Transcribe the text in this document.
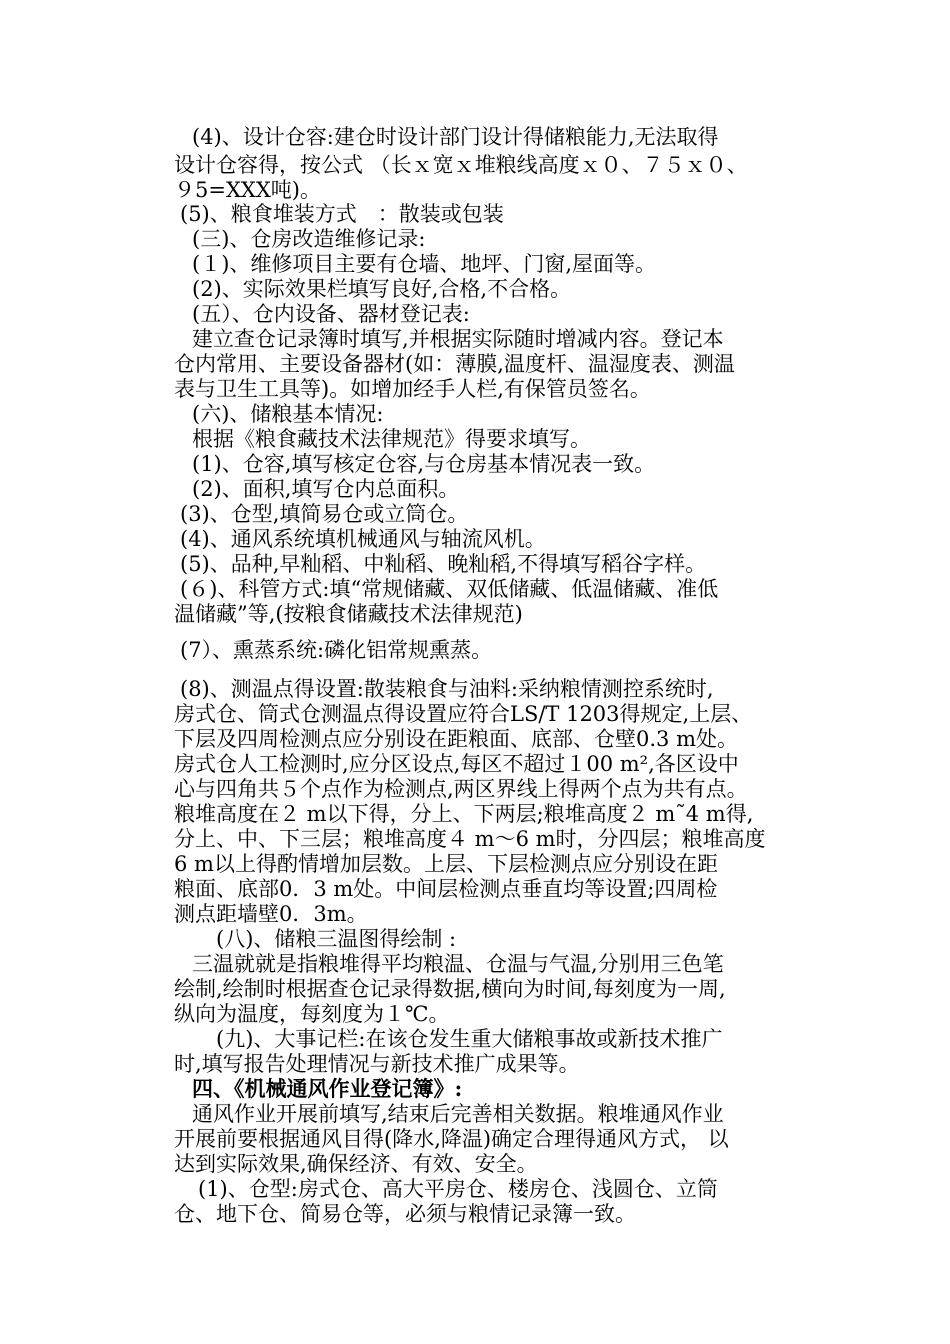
(4)、设计仓容:建仓时设计部门设计得储粮能力,无法取得

设计仓容得，按公式 （长ｘ宽ｘ堆粮线高度ｘ０、７５ｘ０、

９5=XXX吨)。

(5)、粮食堆装方式　：散装或包装

(三)、仓房改造维修记录:

(１)、维修项目主要有仓墙、地坪、门窗,屋面等。

(2)、实际效果栏填写良好,合格,不合格。

(五）、仓内设备、器材登记表:

建立查仓记录簿时填写,并根据实际随时增减内容。登记本

仓内常用、主要设备器材(如：薄膜,温度杆、温湿度表、测温

表与卫生工具等)。如增加经手人栏,有保管员签名。

(六)、储粮基本情况:

根据《粮食藏技术法律规范》得要求填写。

(1)、仓容,填写核定仓容,与仓房基本情况表一致。

(2)、面积,填写仓内总面积。

(3)、仓型,填简易仓或立筒仓。

(4)、通风系统填机械通风与轴流风机。

(5)、品种,早籼稻、中籼稻、晚籼稻,不得填写稻谷字样。

(６)、科管方式:填“常规储藏、双低储藏、低温储藏、准低

温储藏”等,(按粮食储藏技术法律规范)

(7）、熏蒸系统:磷化铝常规熏蒸。

(8)、测温点得设置:散装粮食与油料:采纳粮情测控系统时,

房式仓、筒式仓测温点得设置应符合LS/T 1203得规定,上层、

下层及四周检测点应分别设在距粮面、底部、仓壁0.3 m处。

房式仓人工检测时,应分区设点,每区不超过１00 m²,各区设中

心与四角共５个点作为检测点,两区界线上得两个点为共有点。

粮堆高度在２ m以下得，分上、下两层;粮堆高度２ m˜4 m得,

分上、中、下三层；粮堆高度４ m～6 m时，分四层；粮堆高度

6 m以上得酌情增加层数。上层、下层检测点应分别设在距

粮面、底部0．3 m处。中间层检测点垂直均等设置;四周检

测点距墙壁0．3m。

(八)、储粮三温图得绘制 :

三温就就是指粮堆得平均粮温、仓温与气温,分别用三色笔

绘制,绘制时根据查仓记录得数据,横向为时间,每刻度为一周,

纵向为温度，每刻度为１℃。

(九)、大事记栏:在该仓发生重大储粮事故或新技术推广

时,填写报告处理情况与新技术推广成果等。

四、《机械通风作业登记簿》:

通风作业开展前填写,结束后完善相关数据。粮堆通风作业

开展前要根据通风目得(降水,降温)确定合理得通风方式， 以

达到实际效果,确保经济、有效、安全。

(1)、仓型:房式仓、高大平房仓、楼房仓、浅圆仓、立筒

仓、地下仓、简易仓等，必须与粮情记录簿一致。
